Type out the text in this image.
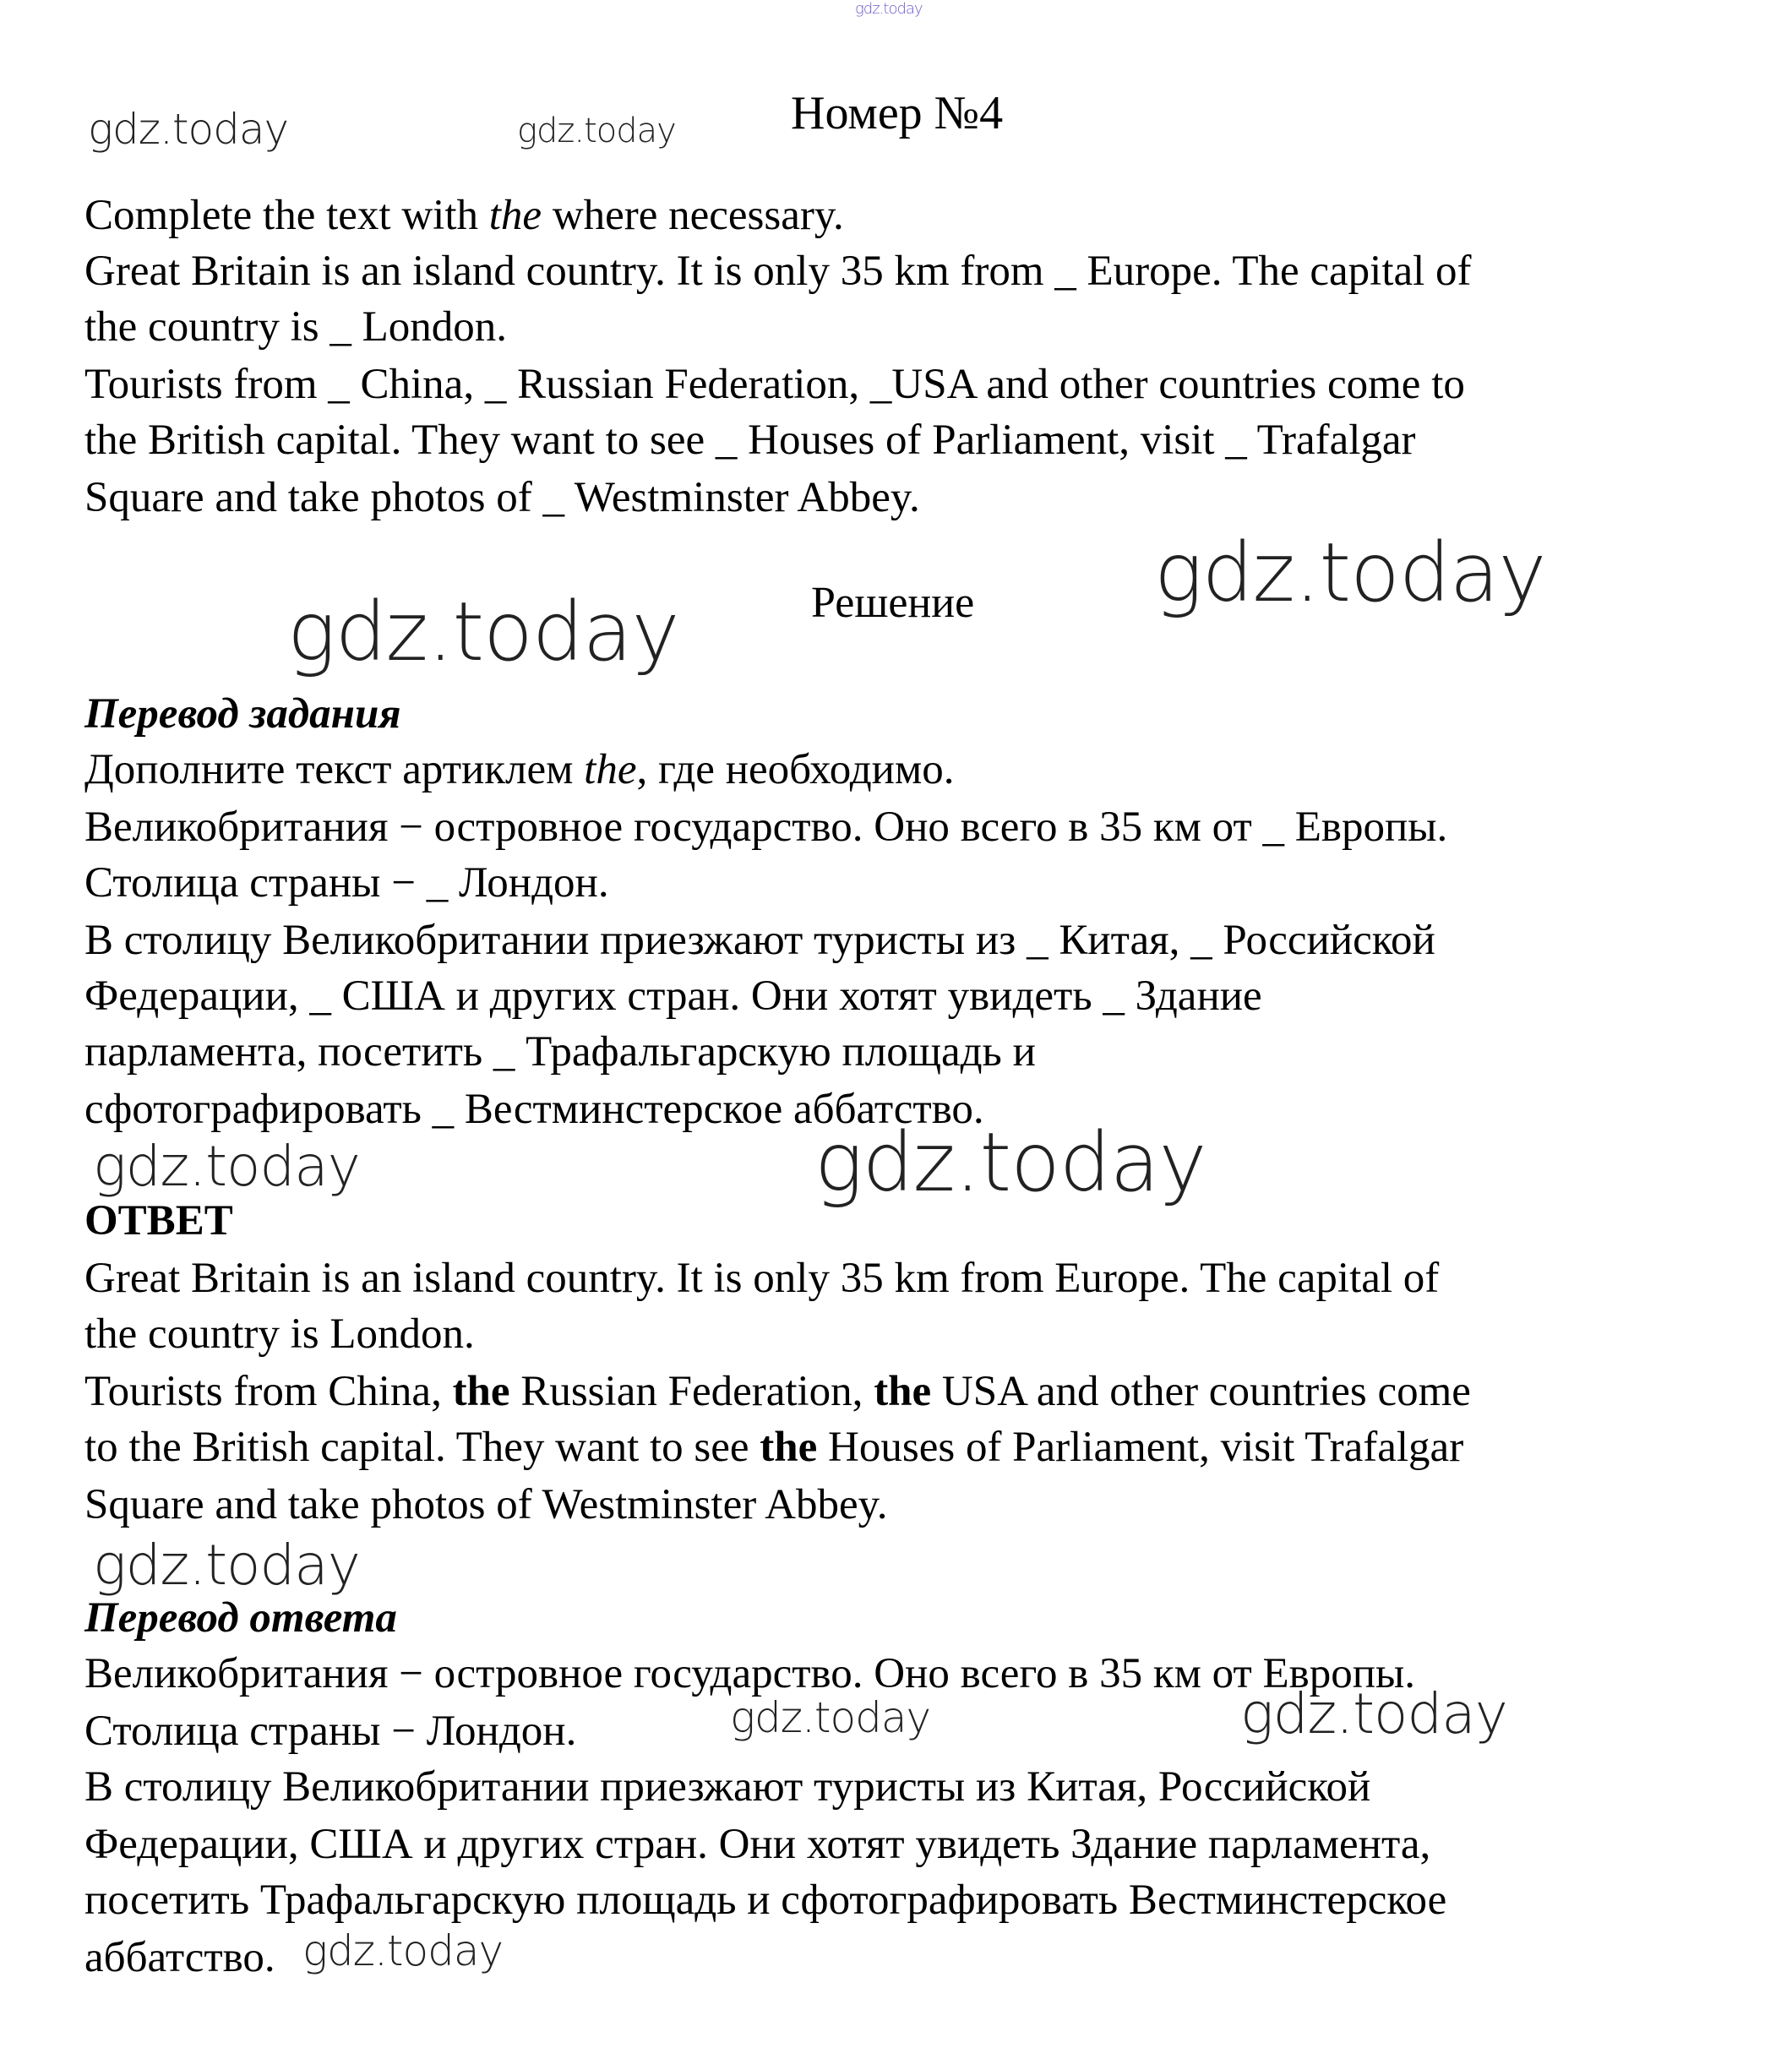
gdz.today
gdz.today	gdz.today Номер №4
Complete the text with the where necessary.
Great Britain is an island country. It is only 35 km from _ Europe. The capital of
the country is _ London.
Tourists from _ China, _ Russian Federation, _USA and other countries come to
the British capital. They want to see _ Houses of Parliament, visit _ Trafalgar
Square and take photos of _ Westminster Abbey.
gdz.today
Решение
gdz.today
Перевод задания
Дополните текст артиклем the, где необходимо.
Великобритания − островное государство. Оно всего в 35 км от _ Европы.
Столица страны − _ Лондон.
В столицу Великобритании приезжают туристы из _ Китая, _ Российской
Федерации, _ США и других стран. Они хотят увидеть _ Здание
парламента, посетить _ Трафальгарскую площадь и
сфотографировать _ Вестминстерское аббатство.
gdz.today	gdz.today
ОТВЕТ
Great Britain is an island country. It is only 35 km from Europe. The capital of
the country is London.
Tourists from China, the Russian Federation, the USA and other countries come
to the British capital. They want to see the Houses of Parliament, visit Trafalgar
Square and take photos of Westminster Abbey.
gdz.today
Перевод ответа
Великобритания − островное государство. Оно всего в 35 км от Европы.
Столица страны − Лондон.	gdz.today	gdz.today
В столицу Великобритании приезжают туристы из Китая, Российской
Федерации, США и других стран. Они хотят увидеть Здание парламента,
посетить Трафальгарскую площадь и сфотографировать Вестминстерское
аббатство. gdz.today
